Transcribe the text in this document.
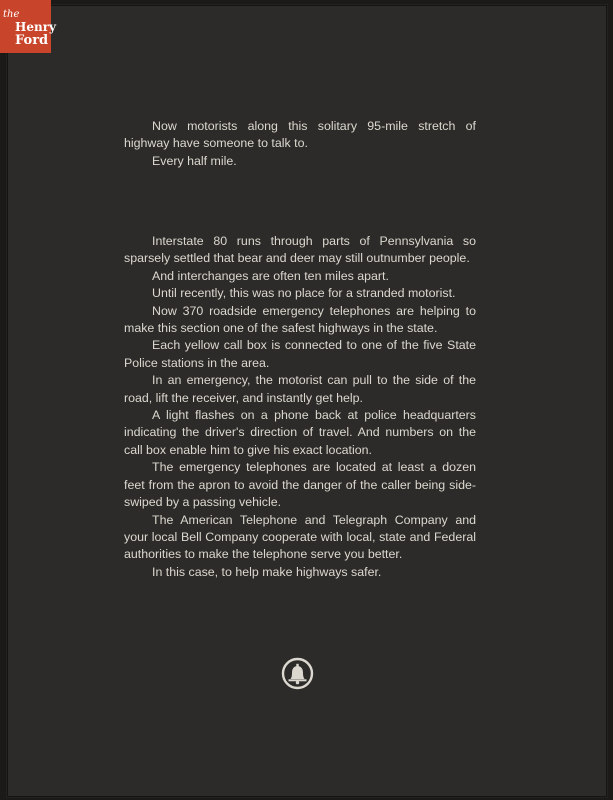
the
Henry
Ford

Now motorists along this solitary 95-mile stretch of highway have someone to talk to.

Every half mile.

Interstate 80 runs through parts of Pennsylvania so sparsely settled that bear and deer may still outnumber people.

And interchanges are often ten miles apart.

Until recently, this was no place for a stranded motorist.

Now 370 roadside emergency telephones are helping to make this section one of the safest highways in the state.

Each yellow call box is connected to one of the five State Police stations in the area.

In an emergency, the motorist can pull to the side of the road, lift the receiver, and instantly get help.

A light flashes on a phone back at police headquarters indicating the driver's direction of travel. And numbers on the call box enable him to give his exact location.

The emergency telephones are located at least a dozen feet from the apron to avoid the danger of the caller being side-swiped by a passing vehicle.

The American Telephone and Telegraph Company and your local Bell Company cooperate with local, state and Federal authorities to make the telephone serve you better.

In this case, to help make highways safer.
